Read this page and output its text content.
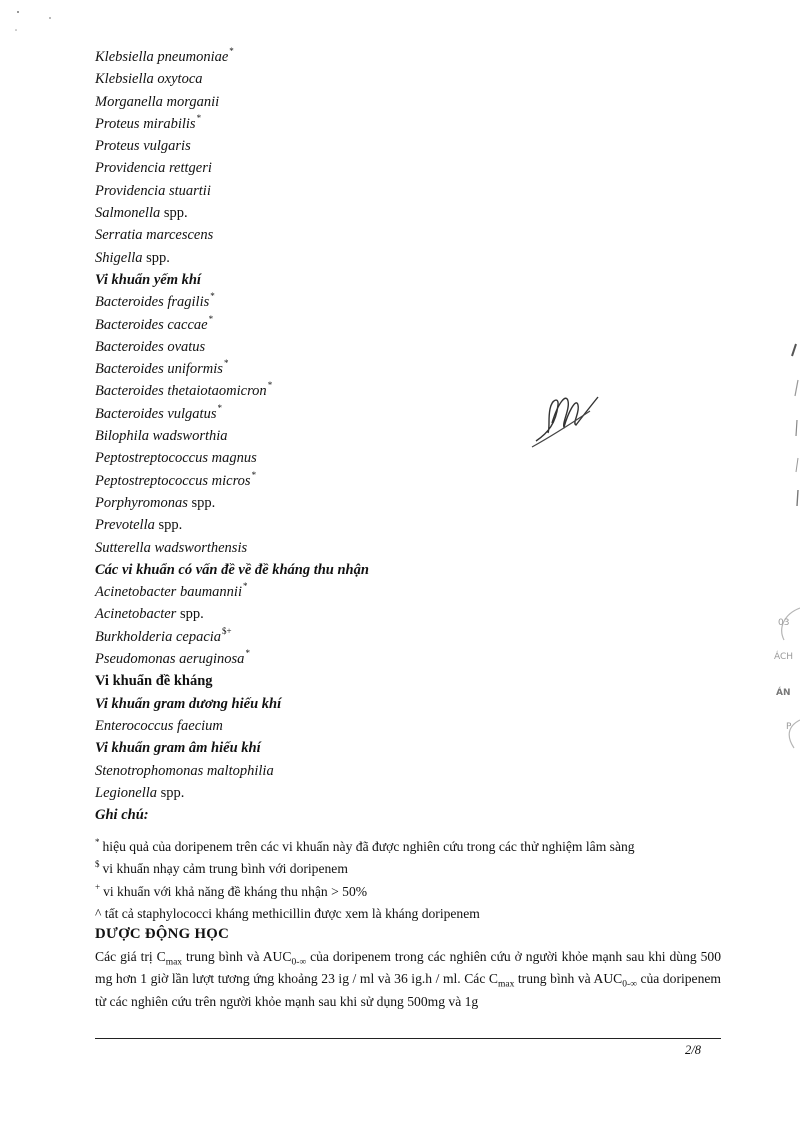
Klebsiella pneumoniae*
Klebsiella oxytoca
Morganella morganii
Proteus mirabilis*
Proteus vulgaris
Providencia rettgeri
Providencia stuartii
Salmonella spp.
Serratia marcescens
Shigella spp.
Vi khuẩn yếm khí
Bacteroides fragilis*
Bacteroides caccae*
Bacteroides ovatus
Bacteroides uniformis*
Bacteroides thetaiotaomicron*
Bacteroides vulgatus*
Bilophila wadsworthia
Peptostreptococcus magnus
Peptostreptococcus micros*
Porphyromonas spp.
Prevotella spp.
Sutterella wadsworthensis
Các vi khuẩn có vấn đề về đề kháng thu nhận
Acinetobacter baumannii*
Acinetobacter spp.
Burkholderia cepacia$+
Pseudomonas aeruginosa*
Vi khuẩn đề kháng
Vi khuẩn gram dương hiếu khí
Enterococcus faecium
Vi khuẩn gram âm hiếu khí
Stenotrophomonas maltophilia
Legionella spp.
Ghi chú:
* hiệu quả của doripenem trên các vi khuẩn này đã được nghiên cứu trong các thử nghiệm lâm sàng
$ vi khuẩn nhạy cảm trung bình với doripenem
+ vi khuẩn với khả năng đề kháng thu nhận > 50%
^ tất cả staphylococci kháng methicillin được xem là kháng doripenem
DƯỢC ĐỘNG HỌC
Các giá trị $C_{max}$ trung bình và $AUC_{0-\infty}$ của doripenem trong các nghiên cứu ở người khỏe mạnh sau khi dùng 500 mg hơn 1 giờ lần lượt tương ứng khoảng 23 ig / ml và 36 ig.h / ml. Các $C_{max}$ trung bình và $AUC_{0-\infty}$ của doripenem từ các nghiên cứu trên người khỏe mạnh sau khi sử dụng 500mg và 1g
2/8
03
ÁCH
ÁN
P
